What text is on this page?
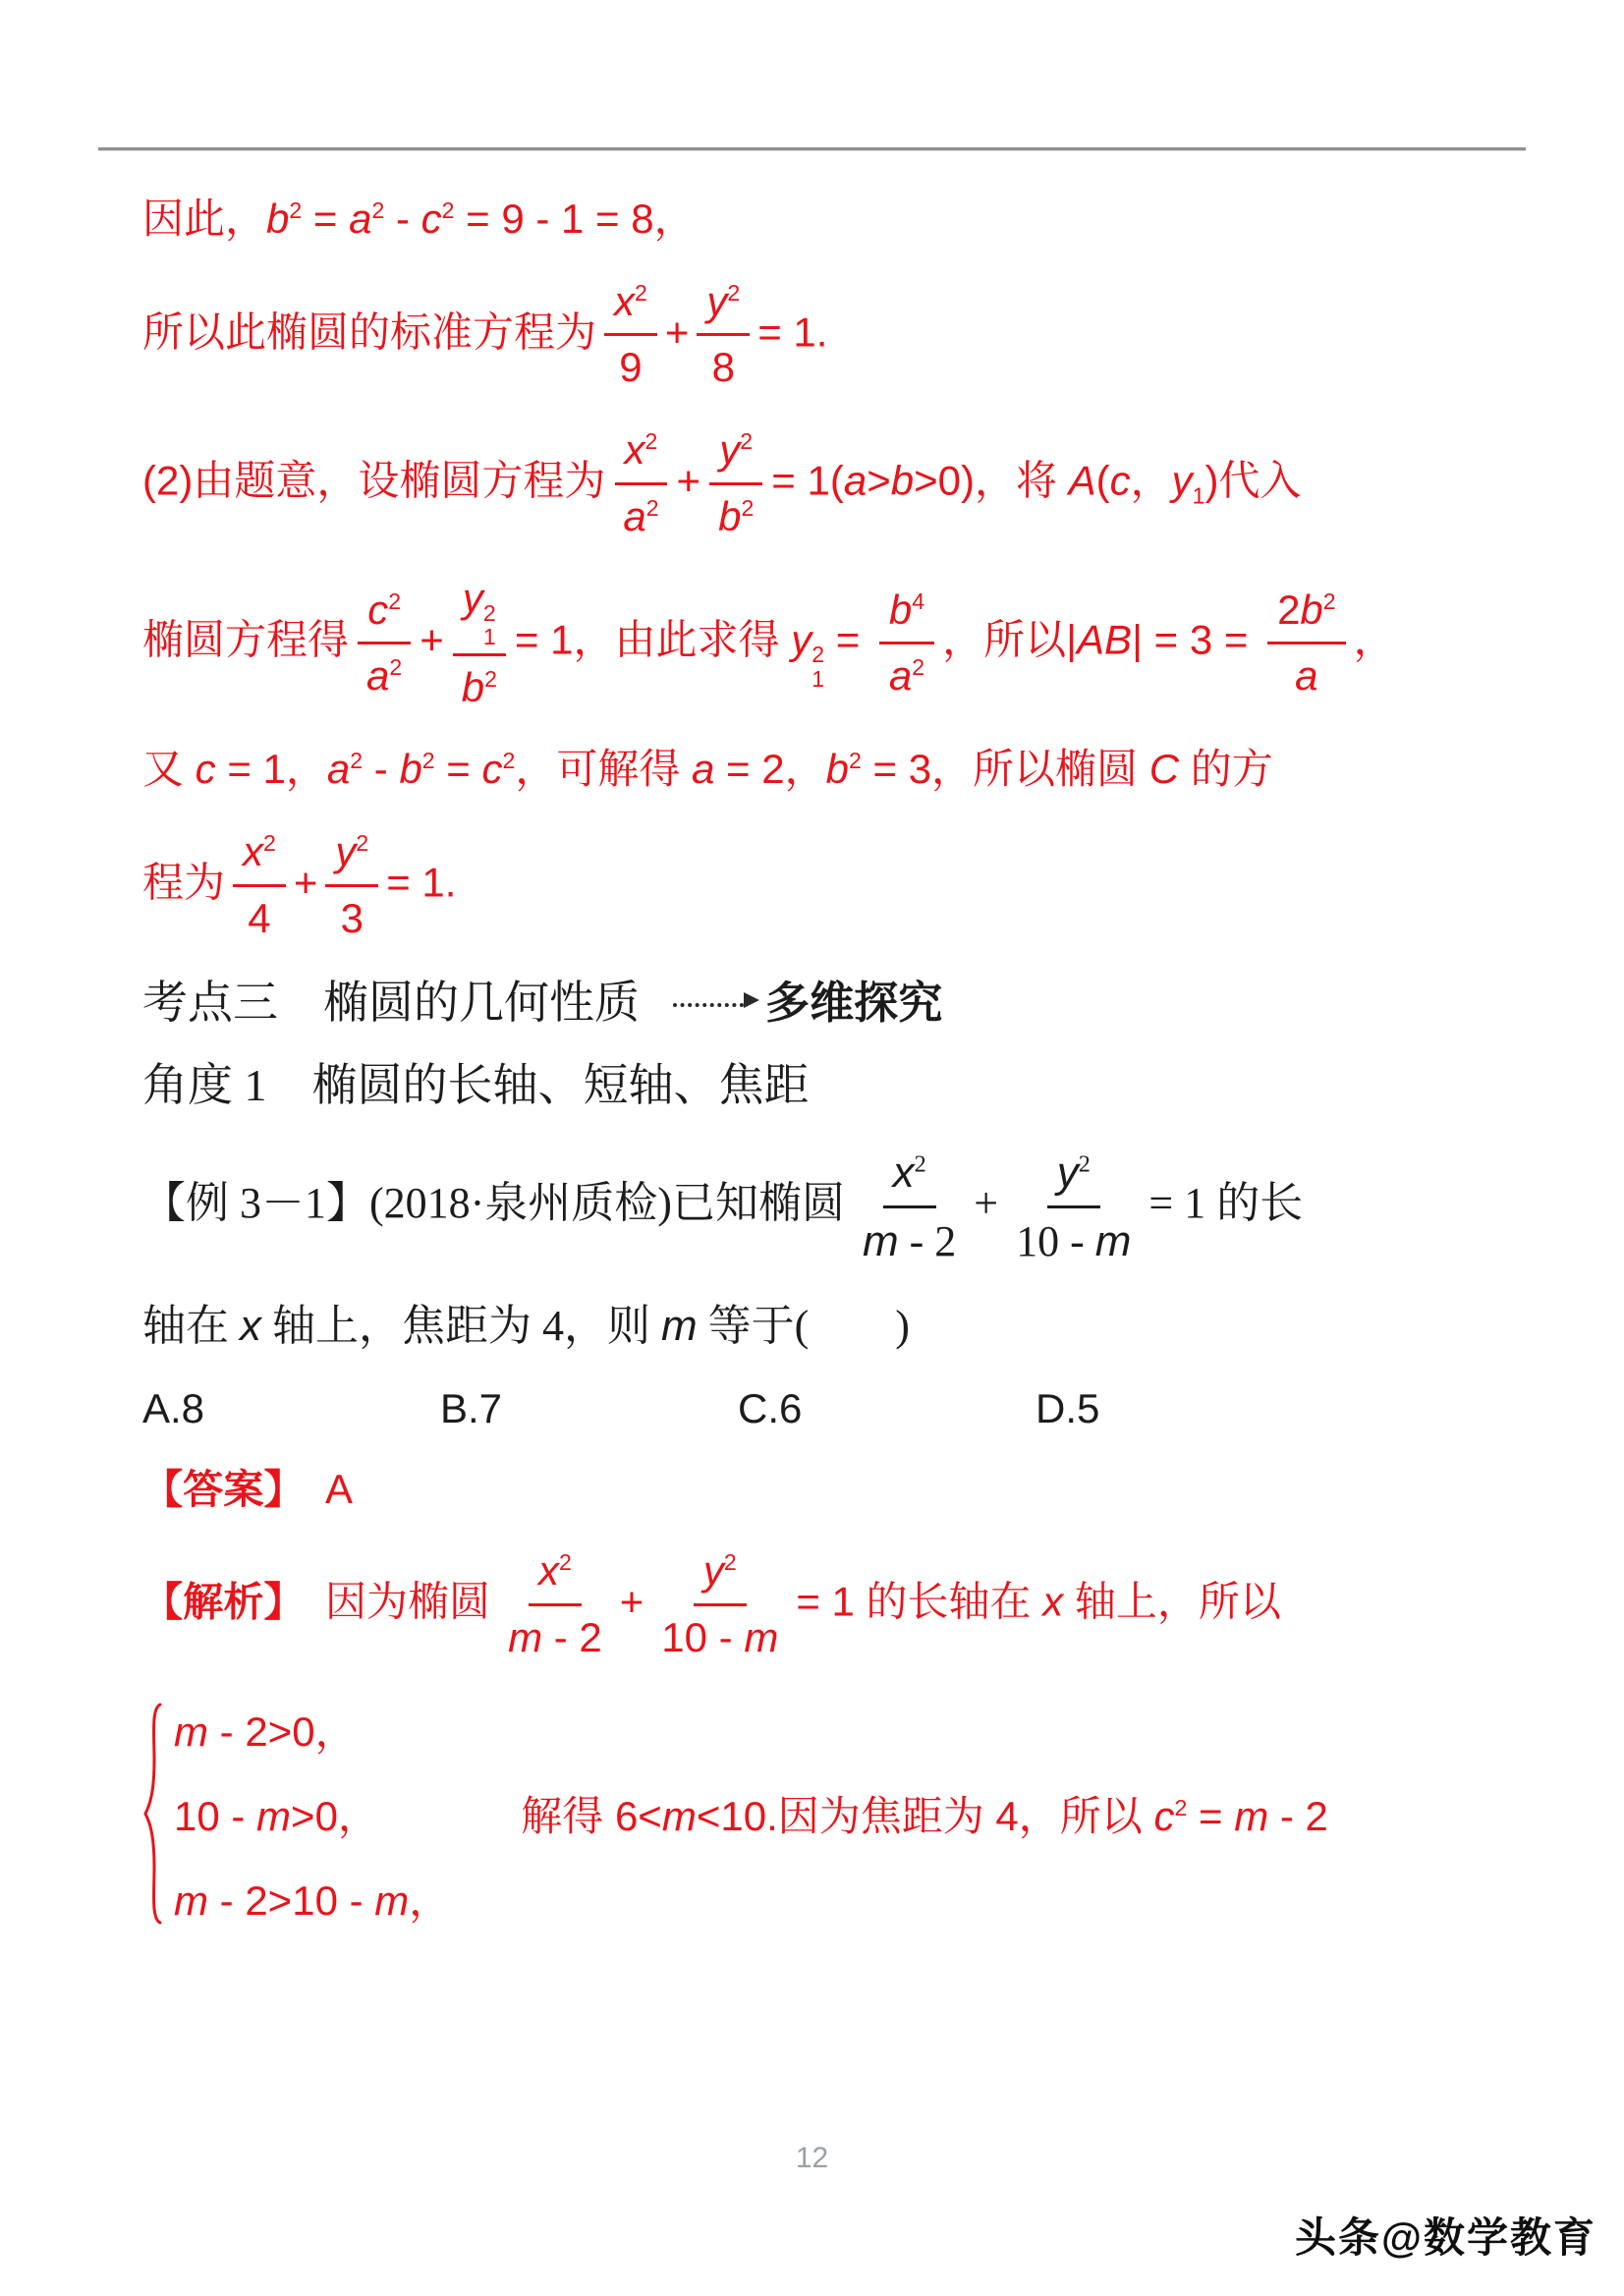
因此，$b^2 = a^2 - c^2 = 9 - 1 = 8$，
所以此椭圆的标准方程为 $\frac{x^2}{9} + \frac{y^2}{8} = 1$.
(2)由题意，设椭圆方程为 $\frac{x^2}{a^2} + \frac{y^2}{b^2} = 1(a>b>0)$，将 A(c，$y_1$)代入
椭圆方程得 $\frac{c^2}{a^2} + y$ 2
1
$b^2 = 1$，由此求得 y 2
1
= $\frac{b^4}{a^2}$ ，所以$|AB| = 3 = \frac{2b^2}{a}$ ，
又 c = 1，$a^2 - b^2 = c^2$，可解得 a = 2，$b^2 = 3$，所以椭圆 C 的方
程为 $\frac{x^2}{4} + \frac{y^2}{3} = 1$.
考点三　椭圆的几何性质	多维探究
角度 1　椭圆的长轴、短轴、焦距
【例 3－1】(2018·泉州质检)已知椭圆 $\frac{x^2}{m - 2} + \frac{y^2}{10 - m} = 1$ 的长
轴在 x 轴上，焦距为 4，则 m 等于(　　)
A.8	B.7	C.6	D.5
【答案】　A
【解析】　因为椭圆 $\frac{x^2}{m - 2} + \frac{y^2}{10 - m} = 1$ 的长轴在 x 轴上，所以
m - 2>0，
10 - m>0，
m - 2>10 - m，
解得 6<m<10.因为焦距为 4，所以 $c^2 = m - 2$
12
头条@数学教育
